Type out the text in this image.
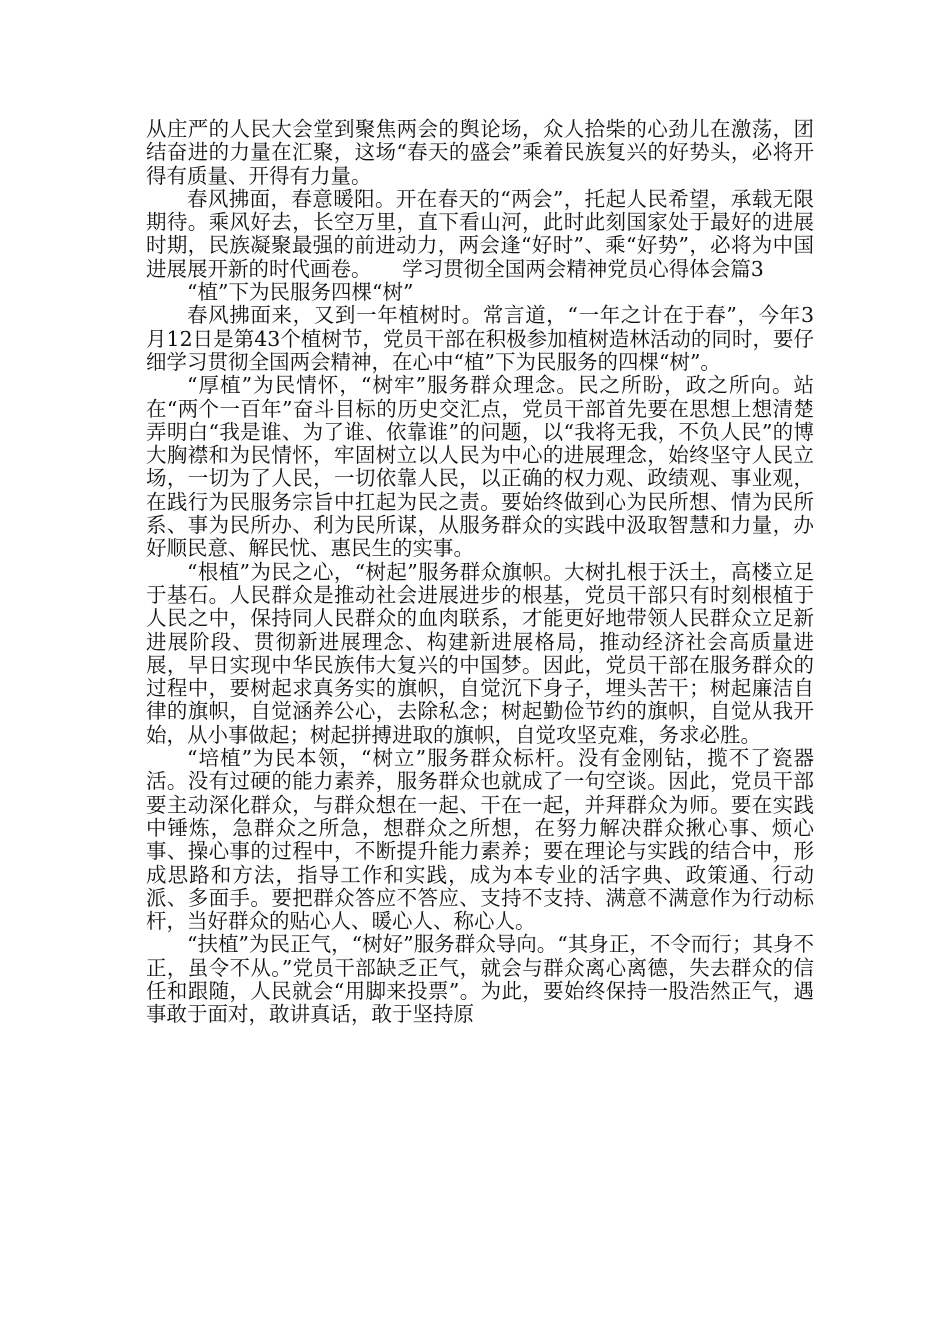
从庄严的人民大会堂到聚焦两会的舆论场，众人拾柴的心劲儿在激荡，团结奋进的力量在汇聚，这场“春天的盛会”乘着民族复兴的好势头，必将开得有质量、开得有力量。

春风拂面，春意暖阳。开在春天的“两会”，托起人民希望，承载无限期待。乘风好去，长空万里，直下看山河，此时此刻国家处于最好的进展时期，民族凝聚最强的前进动力，两会逢“好时”、乘“好势”，必将为中国进展展开新的时代画卷。　　学习贯彻全国两会精神党员心得体会篇3

“植”下为民服务四棵“树”

春风拂面来，又到一年植树时。常言道，“一年之计在于春”，今年3月12日是第43个植树节，党员干部在积极参加植树造林活动的同时，要仔细学习贯彻全国两会精神，在心中“植”下为民服务的四棵“树”。

“厚植”为民情怀，“树牢”服务群众理念。民之所盼，政之所向。站在“两个一百年”奋斗目标的历史交汇点，党员干部首先要在思想上想清楚弄明白“我是谁、为了谁、依靠谁”的问题，以“我将无我，不负人民”的博大胸襟和为民情怀，牢固树立以人民为中心的进展理念，始终坚守人民立场，一切为了人民，一切依靠人民，以正确的权力观、政绩观、事业观，在践行为民服务宗旨中扛起为民之责。要始终做到心为民所想、情为民所系、事为民所办、利为民所谋，从服务群众的实践中汲取智慧和力量，办好顺民意、解民忧、惠民生的实事。

“根植”为民之心，“树起”服务群众旗帜。大树扎根于沃土，高楼立足于基石。人民群众是推动社会进展进步的根基，党员干部只有时刻根植于人民之中，保持同人民群众的血肉联系，才能更好地带领人民群众立足新进展阶段、贯彻新进展理念、构建新进展格局，推动经济社会高质量进展，早日实现中华民族伟大复兴的中国梦。因此，党员干部在服务群众的过程中，要树起求真务实的旗帜，自觉沉下身子，埋头苦干；树起廉洁自律的旗帜，自觉涵养公心，去除私念；树起勤俭节约的旗帜，自觉从我开始，从小事做起；树起拼搏进取的旗帜，自觉攻坚克难，务求必胜。

“培植”为民本领，“树立”服务群众标杆。没有金刚钻，揽不了瓷器活。没有过硬的能力素养，服务群众也就成了一句空谈。因此，党员干部要主动深化群众，与群众想在一起、干在一起，并拜群众为师。要在实践中锤炼，急群众之所急，想群众之所想，在努力解决群众揪心事、烦心事、操心事的过程中，不断提升能力素养；要在理论与实践的结合中，形成思路和方法，指导工作和实践，成为本专业的活字典、政策通、行动派、多面手。要把群众答应不答应、支持不支持、满意不满意作为行动标杆，当好群众的贴心人、暖心人、称心人。

“扶植”为民正气，“树好”服务群众导向。“其身正，不令而行；其身不正，虽令不从。”党员干部缺乏正气，就会与群众离心离德，失去群众的信任和跟随，人民就会“用脚来投票”。为此，要始终保持一股浩然正气，遇事敢于面对，敢讲真话，敢于坚持原
